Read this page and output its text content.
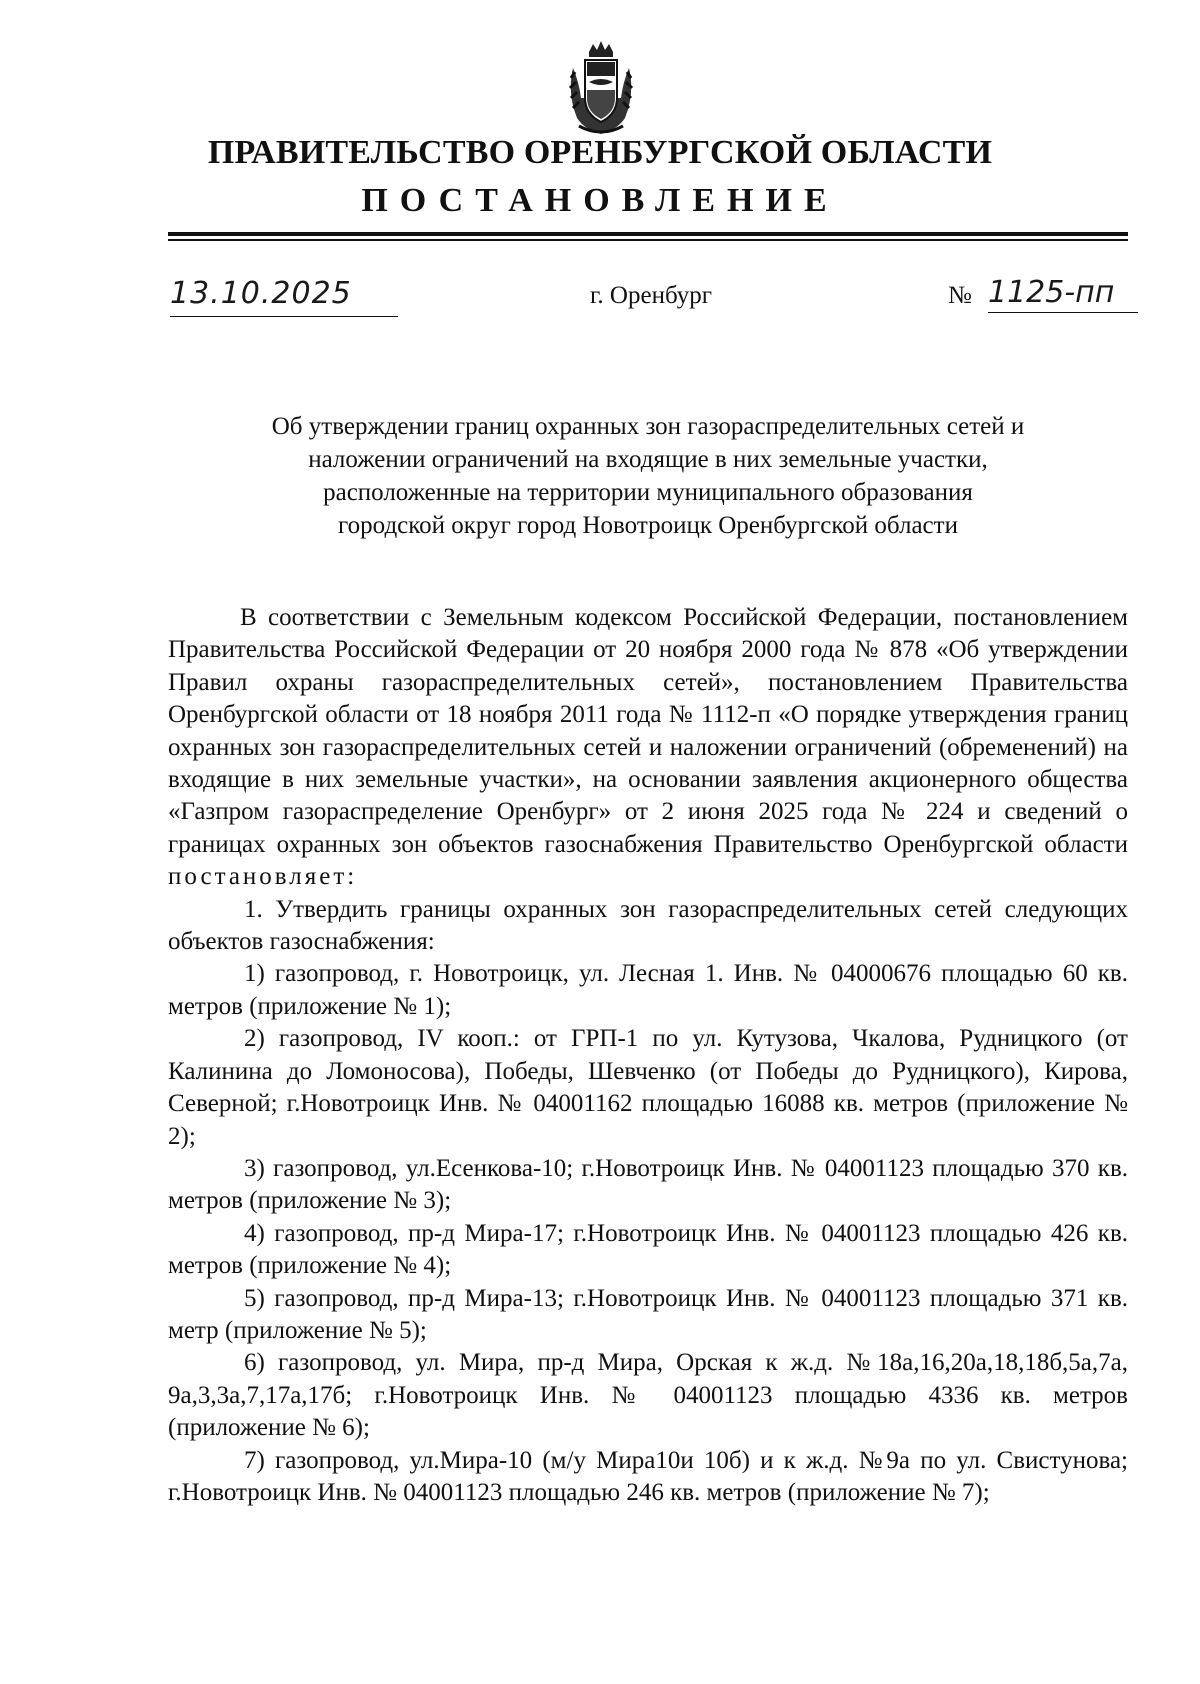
ПРАВИТЕЛЬСТВО ОРЕНБУРГСКОЙ ОБЛАСТИ
ПОСТАНОВЛЕНИЕ
13.10.2025	г. Оренбург	№ 1125-пп
Об утверждении границ охранных зон газораспределительных сетей и
наложении ограничений на входящие в них земельные участки,
расположенные на территории муниципального образования
городской округ город Новотроицк Оренбургской области

В соответствии с Земельным кодексом Российской Федерации, постановлением Правительства Российской Федерации от 20 ноября 2000 года № 878 «Об утверждении Правил охраны газораспределительных сетей», постановлением Правительства Оренбургской области от 18 ноября 2011 года № 1112-п «О порядке утверждения границ охранных зон газораспределительных сетей и наложении ограничений (обременений) на входящие в них земельные участки», на основании заявления акционерного общества «Газпром газораспределение Оренбург» от 2 июня 2025 года № 224 и сведений о границах охранных зон объектов газоснабжения Правительство Оренбургской области постановляет:

1. Утвердить границы охранных зон газораспределительных сетей следующих объектов газоснабжения:

1) газопровод, г. Новотроицк, ул. Лесная 1. Инв. № 04000676 площадью 60 кв. метров (приложение № 1);

2) газопровод, IV кооп.: от ГРП-1 по ул. Кутузова, Чкалова, Рудницкого (от Калинина до Ломоносова), Победы, Шевченко (от Победы до Рудницкого), Кирова, Северной; г.Новотроицк Инв. № 04001162 площадью 16088 кв. метров (приложение № 2);

3) газопровод, ул.Есенкова-10; г.Новотроицк Инв. № 04001123 площадью 370 кв. метров (приложение № 3);

4) газопровод, пр-д Мира-17; г.Новотроицк Инв. № 04001123 площадью 426 кв. метров (приложение № 4);

5) газопровод, пр-д Мира-13; г.Новотроицк Инв. № 04001123 площадью 371 кв. метр (приложение № 5);

6) газопровод, ул. Мира, пр-д Мира, Орская к ж.д. №18а,16,20а,18,18б,5а,7а, 9а,3,3а,7,17а,17б; г.Новотроицк Инв. № 04001123 площадью 4336 кв. метров (приложение № 6);

7) газопровод, ул.Мира-10 (м/у Мира10и 10б) и к ж.д. №9а по ул. Свистунова; г.Новотроицк Инв. № 04001123 площадью 246 кв. метров (приложение № 7);
